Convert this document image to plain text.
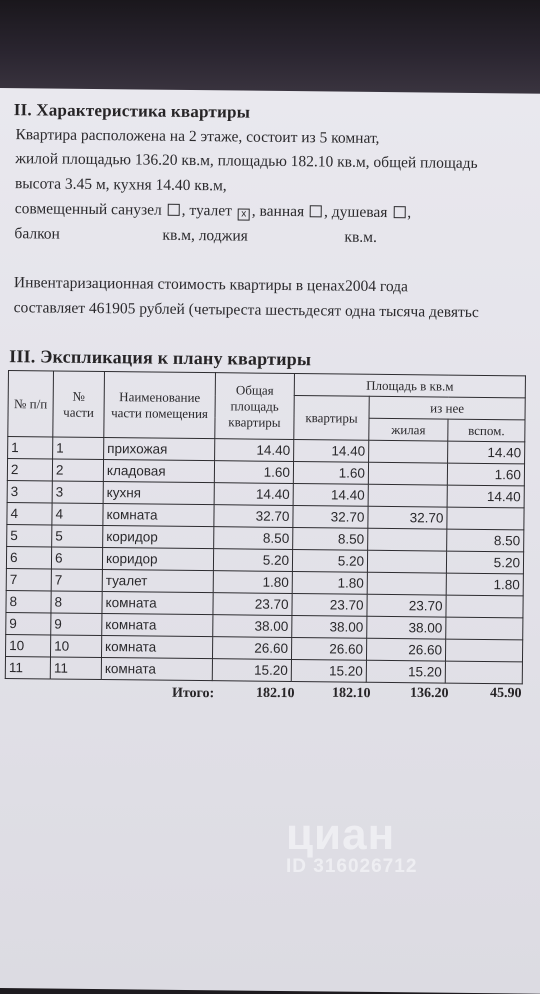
II. Характеристика квартиры
Квартира расположена на 2 этаже, состоит из 5 комнат,
жилой площадью 136.20 кв.м, площадью 182.10 кв.м, общей площадь
высота 3.45 м, кухня 14.40 кв.м,
совмещенный санузел , туалет x , ванная , душевая ,
балкон	кв.м, лоджия	кв.м.
Инвентаризационная стоимость квартиры в ценах2004 года
составляет 461905 рублей (четыреста шестьдесят одна тысяча девятьс
III. Экспликация к плану квартиры
№ п/п	№ части	Наименование части помещения	Общая площадь квартиры	Площадь в кв.м		
				квартиры	из нее	
					жилая	вспом.
1	1	прихожая	14.40	14.40		14.40
2	2	кладовая	1.60	1.60		1.60
3	3	кухня	14.40	14.40		14.40
4	4	комната	32.70	32.70	32.70	
5	5	коридор	8.50	8.50		8.50
6	6	коридор	5.20	5.20		5.20
7	7	туалет	1.80	1.80		1.80
8	8	комната	23.70	23.70	23.70	
9	9	комната	38.00	38.00	38.00	
10	10	комната	26.60	26.60	26.60	
11	11	комната	15.20	15.20	15.20	
Итого:	182.10	182.10	136.20	45.90
циан
ID 316026712
